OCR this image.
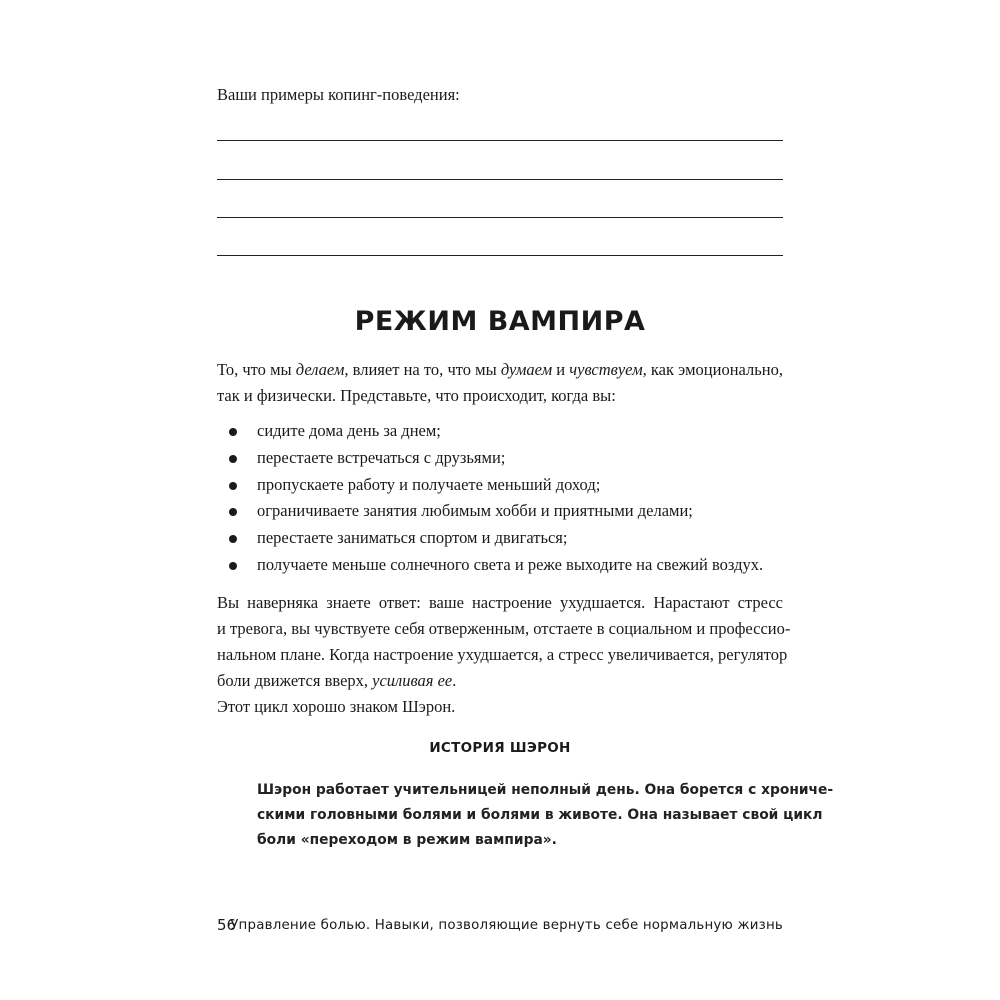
Ваши примеры копинг-поведения:
РЕЖИМ ВАМПИРА
То, что мы делаем, влияет на то, что мы думаем и чувствуем, как эмоционально,
так и физически. Представьте, что происходит, когда вы:
сидите дома день за днем;
перестаете встречаться с друзьями;
пропускаете работу и получаете меньший доход;
ограничиваете занятия любимым хобби и приятными делами;
перестаете заниматься спортом и двигаться;
получаете меньше солнечного света и реже выходите на свежий воздух.
Вы наверняка знаете ответ: ваше настроение ухудшается. Нарастают стресс
и тревога, вы чувствуете себя отверженным, отстаете в социальном и профессио-
нальном плане. Когда настроение ухудшается, а стресс увеличивается, регулятор
боли движется вверх, усиливая ее.
Этот цикл хорошо знаком Шэрон.
ИСТОРИЯ ШЭРОН
Шэрон работает учительницей неполный день. Она борется с хрониче-
скими головными болями и болями в животе. Она называет свой цикл
боли «переходом в режим вампира».
56
Управление болью. Навыки, позволяющие вернуть себе нормальную жизнь
